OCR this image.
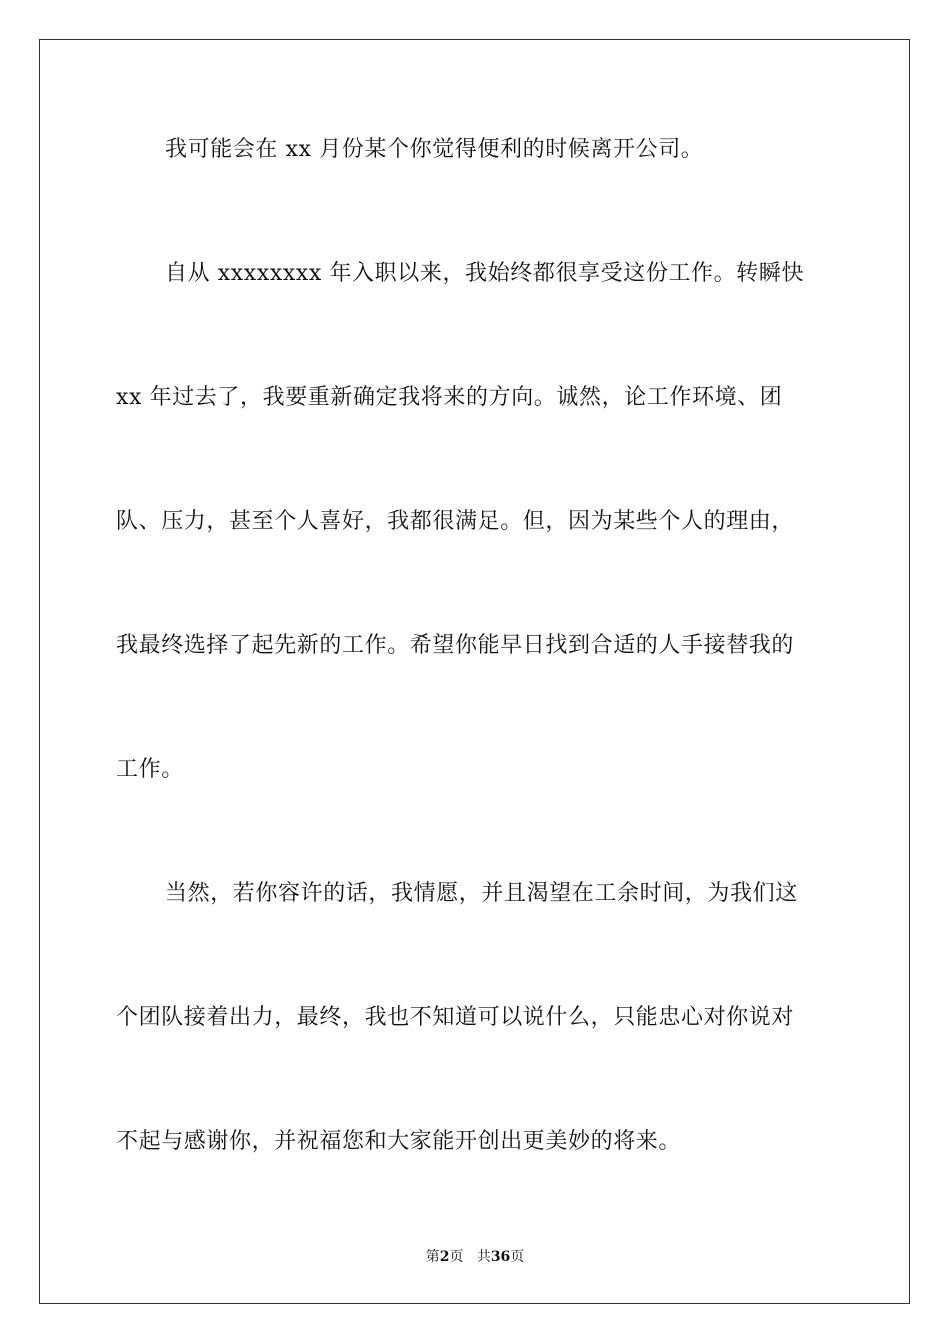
我可能会在 xx 月份某个你觉得便利的时候离开公司。
自从 xxxxxxxx 年入职以来，我始终都很享受这份工作。转瞬快
xx 年过去了，我要重新确定我将来的方向。诚然，论工作环境、团
队、压力，甚至个人喜好，我都很满足。但，因为某些个人的理由，
我最终选择了起先新的工作。希望你能早日找到合适的人手接替我的
工作。
当然，若你容许的话，我情愿，并且渴望在工余时间，为我们这
个团队接着出力，最终，我也不知道可以说什么，只能忠心对你说对
不起与感谢你，并祝福您和大家能开创出更美妙的将来。
第2页 共36页
